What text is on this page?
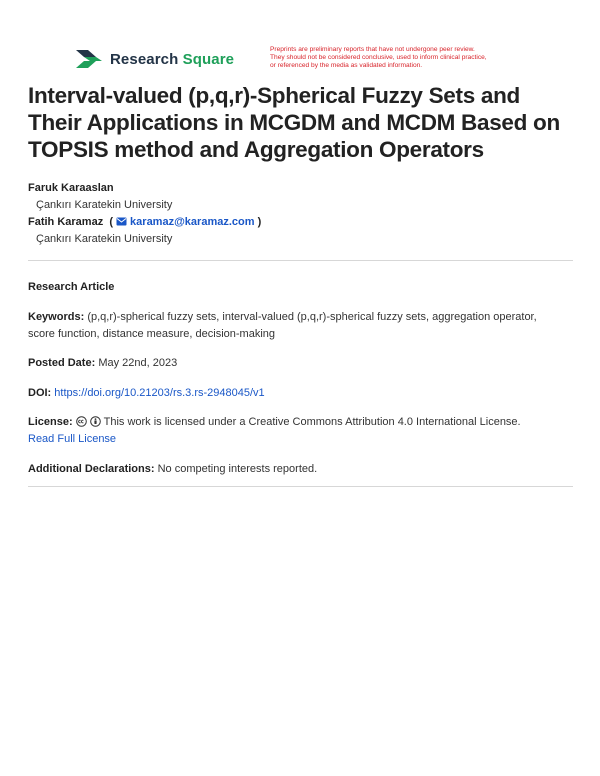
Research Square
Preprints are preliminary reports that have not undergone peer review.
They should not be considered conclusive, used to inform clinical practice,
or referenced by the media as validated information.
Interval-valued (p,q,r)-Spherical Fuzzy Sets and Their Applications in MCGDM and MCDM Based on TOPSIS method and Aggregation Operators
Faruk Karaaslan
Çankırı Karatekin University
Fatih Karamaz  ( karamaz@karamaz.com )
Çankırı Karatekin University
Research Article
Keywords: (p,q,r)-spherical fuzzy sets, interval-valued (p,q,r)-spherical fuzzy sets, aggregation operator,
score function, distance measure, decision-making
Posted Date: May 22nd, 2023
DOI: https://doi.org/10.21203/rs.3.rs-2948045/v1
License:	This work is licensed under a Creative Commons Attribution 4.0 International License.
Read Full License
Additional Declarations: No competing interests reported.
